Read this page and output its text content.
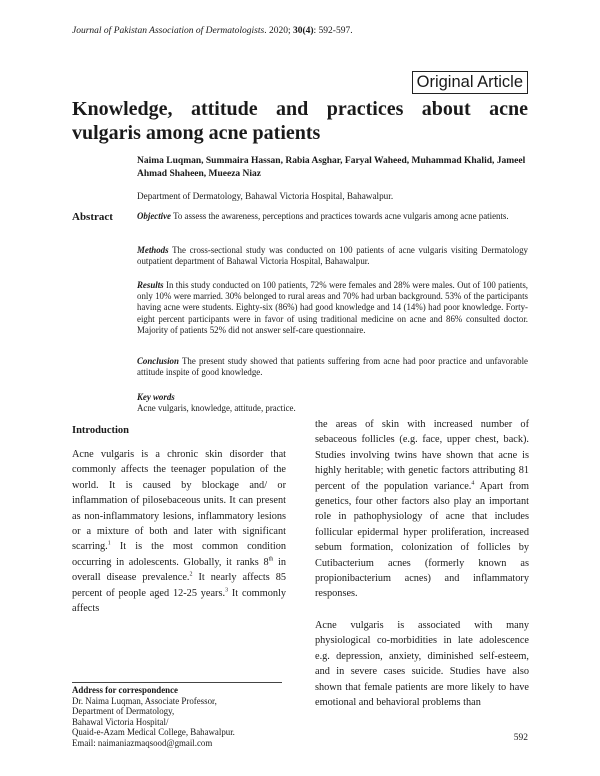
Journal of Pakistan Association of Dermatologists. 2020; 30(4): 592-597.
Original Article
Knowledge, attitude and practices about acne vulgaris among acne patients
Naima Luqman, Summaira Hassan, Rabia Asghar, Faryal Waheed, Muhammad Khalid, Jameel Ahmad Shaheen, Mueeza Niaz
Department of Dermatology, Bahawal Victoria Hospital, Bahawalpur.
Abstract	Objective To assess the awareness, perceptions and practices towards acne vulgaris among acne patients.
Methods The cross-sectional study was conducted on 100 patients of acne vulgaris visiting Dermatology outpatient department of Bahawal Victoria Hospital, Bahawalpur.
Results In this study conducted on 100 patients, 72% were females and 28% were males. Out of 100 patients, only 10% were married. 30% belonged to rural areas and 70% had urban background. 53% of the participants having acne were students. Eighty-six (86%) had good knowledge and 14 (14%) had poor knowledge. Forty- eight percent participants were in favor of using traditional medicine on acne and 86% consulted doctor. Majority of patients 52% did not answer self-care questionnaire.
Conclusion The present study showed that patients suffering from acne had poor practice and unfavorable attitude inspite of good knowledge.
Key words
Acne vulgaris, knowledge, attitude, practice.
Introduction

Acne vulgaris is a chronic skin disorder that commonly affects the teenager population of the world. It is caused by blockage and/ or inflammation of pilosebaceous units. It can present as non-inflammatory lesions, inflammatory lesions or a mixture of both and later with significant scarring.$^1$ It is the most common condition occurring in adolescents. Globally, it ranks 8th in overall disease prevalence.$^2$ It nearly affects 85 percent of people aged 12-25 years.$^3$ It commonly affects

the areas of skin with increased number of sebaceous follicles (e.g. face, upper chest, back). Studies involving twins have shown that acne is highly heritable; with genetic factors attributing 81 percent of the population variance.$^4$ Apart from genetics, four other factors also play an important role in pathophysiology of acne that includes follicular epidermal hyper proliferation, increased sebum formation, colonization of follicles by Cutibacterium acnes (formerly known as propionibacterium acnes) and inflammatory responses.

Acne vulgaris is associated with many physiological co-morbidities in late adolescence e.g. depression, anxiety, diminished self-esteem, and in severe cases suicide. Studies have also shown that female patients are more likely to have emotional and behavioral problems than

Address for correspondence
Dr. Naima Luqman, Associate Professor,
Department of Dermatology,
Bahawal Victoria Hospital/
Quaid-e-Azam Medical College, Bahawalpur.
Email: naimaniazmaqsood@gmail.com	592
